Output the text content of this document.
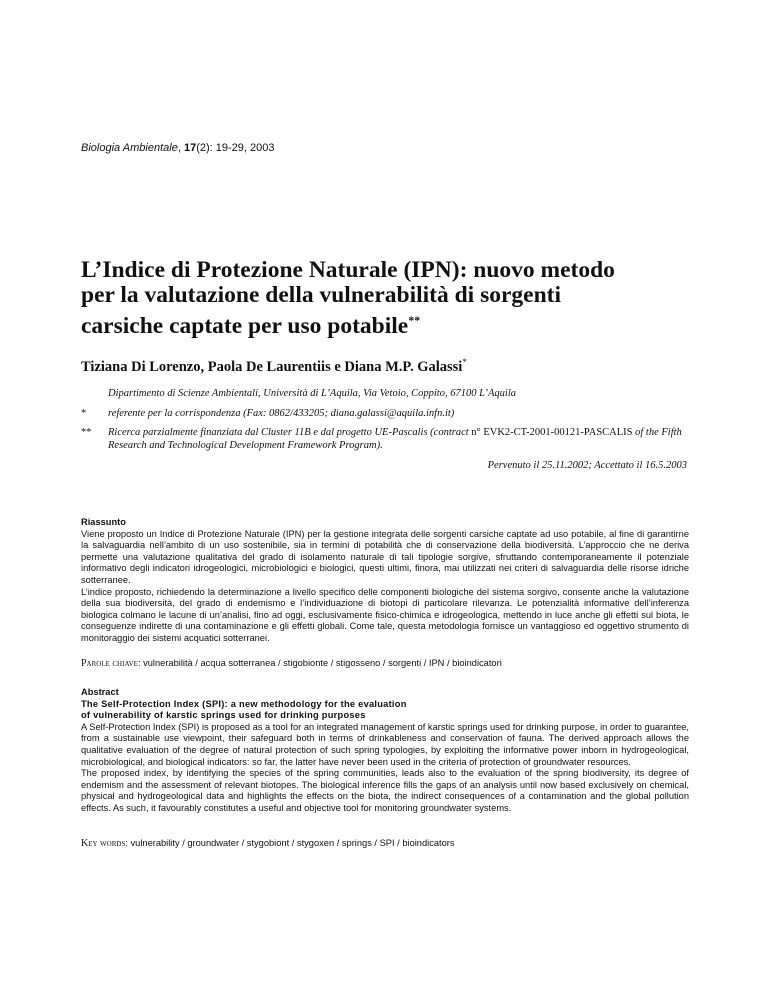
Biologia Ambientale, 17(2): 19-29, 2003
L’Indice di Protezione Naturale (IPN): nuovo metodo
per la valutazione della vulnerabilità di sorgenti
carsiche captate per uso potabile**
Tiziana Di Lorenzo, Paola De Laurentiis e Diana M.P. Galassi*
Dipartimento di Scienze Ambientali, Università di L’Aquila, Via Vetoio, Coppito, 67100 L’Aquila
* referente per la corrispondenza (Fax: 0862/433205; diana.galassi@aquila.infn.it)
** Ricerca parzialmente finanziata dal Cluster 11B e dal progetto UE-Pascalis (contract n° EVK2-CT-2001-00121-PASCALIS of the Fifth Research and Technological Development Framework Program).
Pervenuto il 25.11.2002; Accettato il 16.5.2003
Riassunto

Viene proposto un Indice di Protezione Naturale (IPN) per la gestione integrata delle sorgenti carsiche captate ad uso potabile, al fine di garantirne la salvaguardia nell’ambito di un uso sostenibile, sia in termini di potabilità che di conservazione della biodiversità. L’approccio che ne deriva permette una valutazione qualitativa del grado di isolamento naturale di tali tipologie sorgive, sfruttando contemporaneamente il potenziale informativo degli indicatori idrogeologici, microbiologici e biologici, questi ultimi, finora, mai utilizzati nei criteri di salvaguardia delle risorse idriche sotterranee.

L’indice proposto, richiedendo la determinazione a livello specifico delle componenti biologiche del sistema sorgivo, consente anche la valutazione della sua biodiversità, del grado di endemismo e l’individuazione di biotopi di particolare rilevanza. Le potenzialità informative dell’inferenza biologica colmano le lacune di un’analisi, fino ad oggi, esclusivamente fisico-chimica e idrogeologica, mettendo in luce anche gli effetti sul biota, le conseguenze indirette di una contaminazione e gli effetti globali. Come tale, questa metodologia fornisce un vantaggioso ed oggettivo strumento di monitoraggio dei sistemi acquatici sotterranei.

Parole chiave: vulnerabilità / acqua sotterranea / stigobionte / stigosseno / sorgenti / IPN / bioindicatori
Abstract
The Self-Protection Index (SPI): a new methodology for the evaluation
of vulnerability of karstic springs used for drinking purposes

A Self-Protection Index (SPI) is proposed as a tool for an integrated management of karstic springs used for drinking purpose, in order to guarantee, from a sustainable use viewpoint, their safeguard both in terms of drinkableness and conservation of fauna. The derived approach allows the qualitative evaluation of the degree of natural protection of such spring typologies, by exploiting the informative power inborn in hydrogeological, microbiological, and biological indicators: so far, the latter have never been used in the criteria of protection of groundwater resources.

The proposed index, by identifying the species of the spring communities, leads also to the evaluation of the spring biodiversity, its degree of endemism and the assessment of relevant biotopes. The biological inference fills the gaps of an analysis until now based exclusively on chemical, physical and hydrogeological data and highlights the effects on the biota, the indirect consequences of a contamination and the global pollution effects. As such, it favourably constitutes a useful and objective tool for monitoring groundwater systems.

Key words: vulnerability / groundwater / stygobiont / stygoxen / springs / SPI / bioindicators
